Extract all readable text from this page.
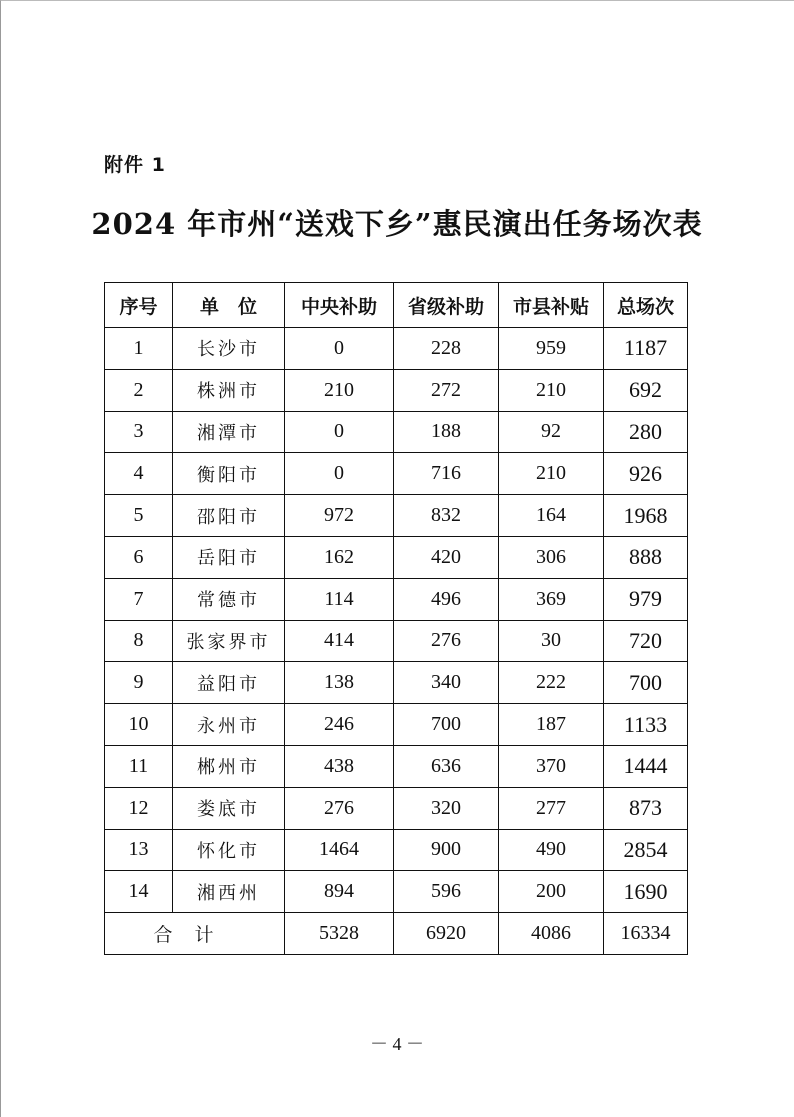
附件 1
2024 年市州“送戏下乡”惠民演出任务场次表
序号	单　位	中央补助	省级补助	市县补贴	总场次
1	长沙市	0	228	959	1187
2	株洲市	210	272	210	692
3	湘潭市	0	188	92	280
4	衡阳市	0	716	210	926
5	邵阳市	972	832	164	1968
6	岳阳市	162	420	306	888
7	常德市	114	496	369	979
8	张家界市	414	276	30	720
9	益阳市	138	340	222	700
10	永州市	246	700	187	1133
11	郴州市	438	636	370	1444
12	娄底市	276	320	277	873
13	怀化市	1464	900	490	2854
14	湘西州	894	596	200	1690
合计		5328	6920	4086	16334
－ 4 －
